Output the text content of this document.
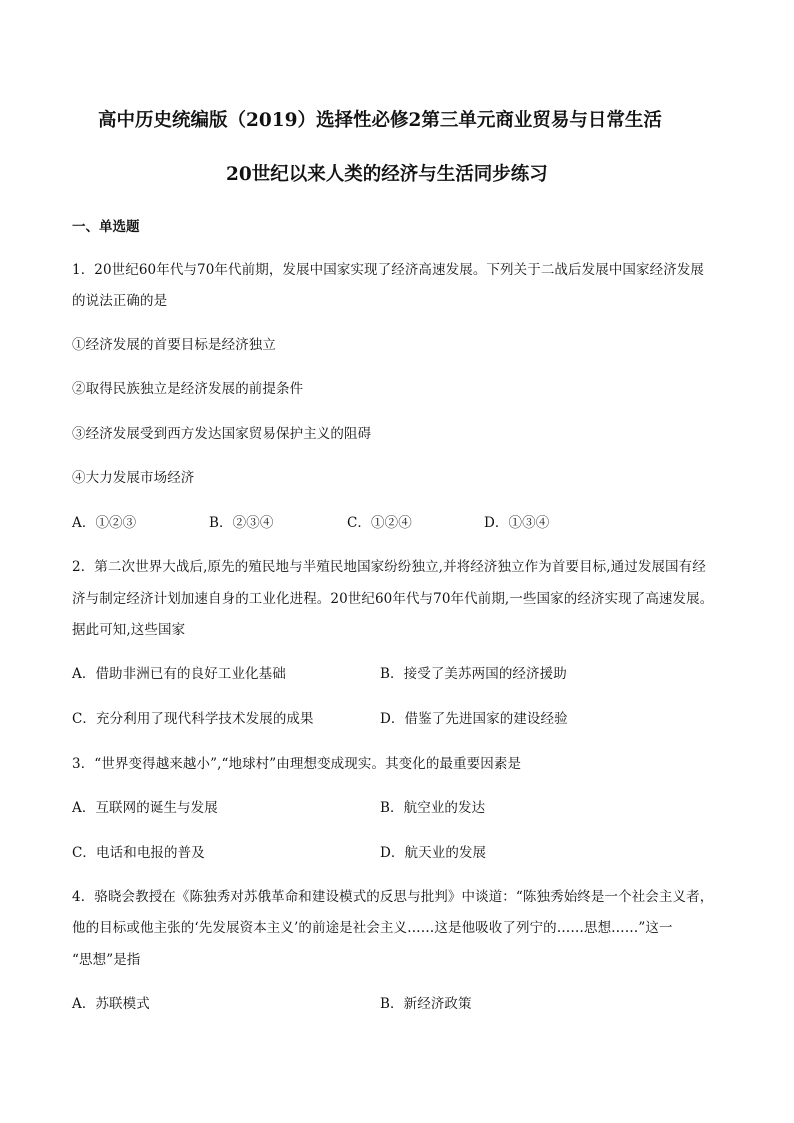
高中历史统编版（2019）选择性必修2第三单元商业贸易与日常生活
20世纪以来人类的经济与生活同步练习
一、单选题
1．20世纪60年代与70年代前期，发展中国家实现了经济高速发展。下列关于二战后发展中国家经济发展
的说法正确的是
①经济发展的首要目标是经济独立
②取得民族独立是经济发展的前提条件
③经济发展受到西方发达国家贸易保护主义的阻碍
④大力发展市场经济
A．①②③	B．②③④	C．①②④	D．①③④
2．第二次世界大战后,原先的殖民地与半殖民地国家纷纷独立,并将经济独立作为首要目标,通过发展国有经
济与制定经济计划加速自身的工业化进程。20世纪60年代与70年代前期,一些国家的经济实现了高速发展。
据此可知,这些国家
A．借助非洲已有的良好工业化基础	B．接受了美苏两国的经济援助
C．充分利用了现代科学技术发展的成果	D．借鉴了先进国家的建设经验
3．“世界变得越来越小”,“地球村”由理想变成现实。其变化的最重要因素是
A．互联网的诞生与发展	B．航空业的发达
C．电话和电报的普及	D．航天业的发展
4．骆晓会教授在《陈独秀对苏俄革命和建设模式的反思与批判》中谈道：“陈独秀始终是一个社会主义者，
他的目标或他主张的‘先发展资本主义’的前途是社会主义……这是他吸收了列宁的……思想……”这一
“思想”是指
A．苏联模式	B．新经济政策
